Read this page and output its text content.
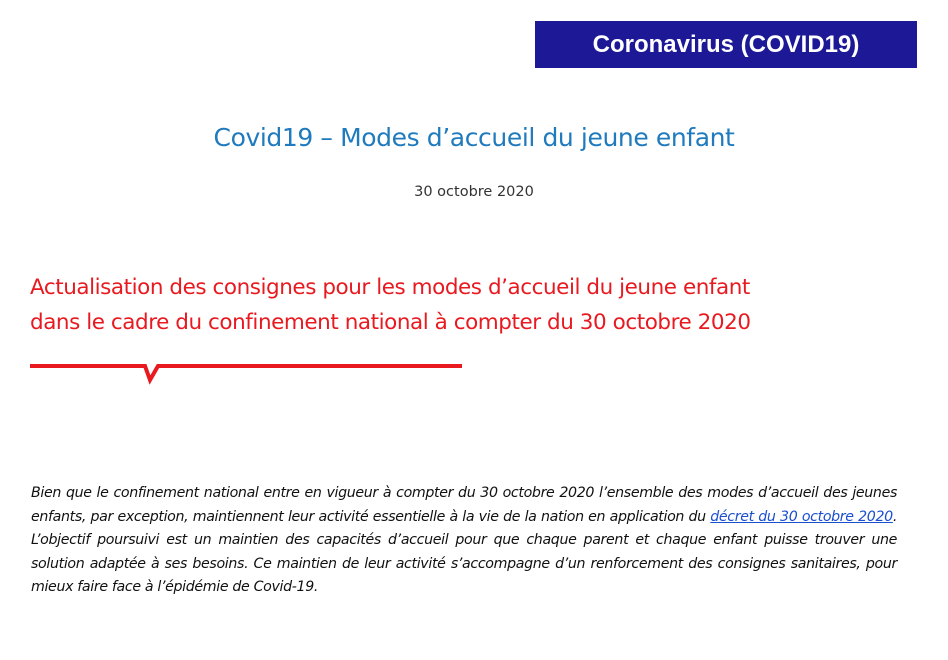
Coronavirus (COVID19)
Covid19 – Modes d’accueil du jeune enfant
30 octobre 2020
Actualisation des consignes pour les modes d’accueil du jeune enfant
dans le cadre du confinement national à compter du 30 octobre 2020

Bien que le confinement national entre en vigueur à compter du 30 octobre 2020 l’ensemble des modes d’accueil des jeunes enfants, par exception, maintiennent leur activité essentielle à la vie de la nation en application du décret du 30 octobre 2020. L’objectif poursuivi est un maintien des capacités d’accueil pour que chaque parent et chaque enfant puisse trouver une solution adaptée à ses besoins. Ce maintien de leur activité s’accompagne d’un renforcement des consignes sanitaires, pour mieux faire face à l’épidémie de Covid-19.
